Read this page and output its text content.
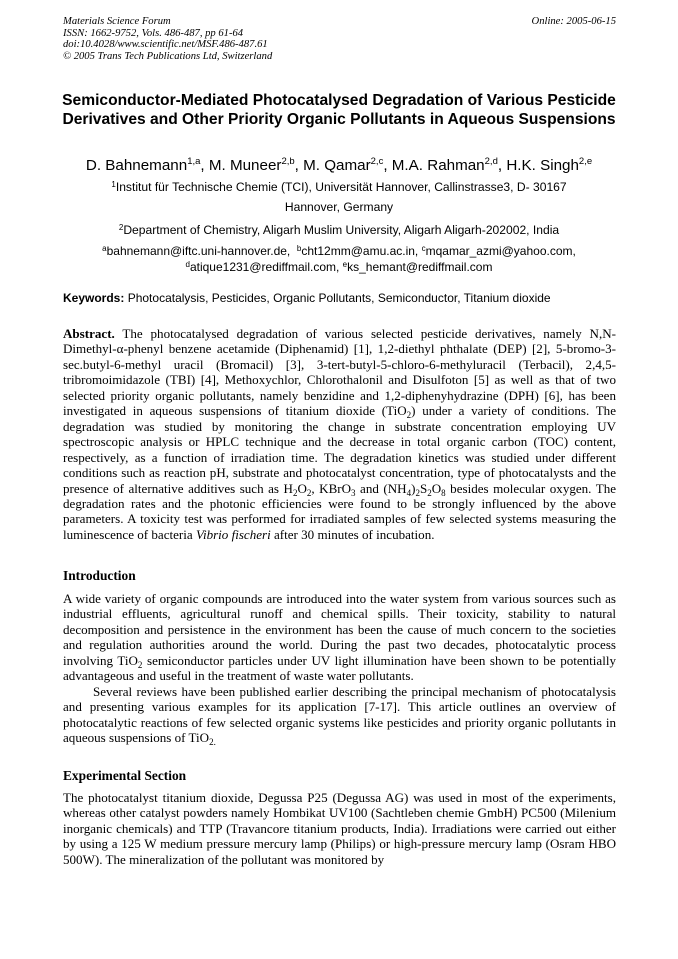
Materials Science Forum
ISSN: 1662-9752, Vols. 486-487, pp 61-64
doi:10.4028/www.scientific.net/MSF.486-487.61
© 2005 Trans Tech Publications Ltd, Switzerland
Online: 2005-06-15
Semiconductor-Mediated Photocatalysed Degradation of Various Pesticide Derivatives and Other Priority Organic Pollutants in Aqueous Suspensions
D. Bahnemann$^{1,a}$, M. Muneer$^{2,b}$, M. Qamar$^{2,c}$, M.A. Rahman$^{2,d}$, H.K. Singh$^{2,e}$
$^1$Institut für Technische Chemie (TCI), Universität Hannover, Callinstrasse3, D- 30167
Hannover, Germany
$^2$Department of Chemistry, Aligarh Muslim University, Aligarh Aligarh-202002, India
$^a$bahnemann@iftc.uni-hannover.de, $^b$cht12mm@amu.ac.in, $^c$mqamar_azmi@yahoo.com,
$^d$atique1231@rediffmail.com, $^e$ks_hemant@rediffmail.com
Keywords: Photocatalysis, Pesticides, Organic Pollutants, Semiconductor, Titanium dioxide

Abstract. The photocatalysed degradation of various selected pesticide derivatives, namely N,N-Dimethyl-α-phenyl benzene acetamide (Diphenamid) [1], 1,2-diethyl phthalate (DEP) [2], 5-bromo-3-sec.butyl-6-methyl uracil (Bromacil) [3], 3-tert-butyl-5-chloro-6-methyluracil (Terbacil), 2,4,5-tribromoimidazole (TBI) [4], Methoxychlor, Chlorothalonil and Disulfoton [5] as well as that of two selected priority organic pollutants, namely benzidine and 1,2-diphenyhydrazine (DPH) [6], has been investigated in aqueous suspensions of titanium dioxide (TiO$_2$) under a variety of conditions. The degradation was studied by monitoring the change in substrate concentration employing UV spectroscopic analysis or HPLC technique and the decrease in total organic carbon (TOC) content, respectively, as a function of irradiation time. The degradation kinetics was studied under different conditions such as reaction pH, substrate and photocatalyst concentration, type of photocatalysts and the presence of alternative additives such as $H_2O_2$, KBrO$_3$ and $(NH_4)_2S_2O_8$ besides molecular oxygen. The degradation rates and the photonic efficiencies were found to be strongly influenced by the above parameters. A toxicity test was performed for irradiated samples of few selected systems measuring the luminescence of bacteria Vibrio fischeri after 30 minutes of incubation.

Introduction

A wide variety of organic compounds are introduced into the water system from various sources such as industrial effluents, agricultural runoff and chemical spills. Their toxicity, stability to natural decomposition and persistence in the environment has been the cause of much concern to the societies and regulation authorities around the world. During the past two decades, photocatalytic process involving TiO$_2$ semiconductor particles under UV light illumination have been shown to be potentially advantageous and useful in the treatment of waste water pollutants.

Several reviews have been published earlier describing the principal mechanism of photocatalysis and presenting various examples for its application [7-17]. This article outlines an overview of photocatalytic reactions of few selected organic systems like pesticides and priority organic pollutants in aqueous suspensions of TiO$_{2.}$

Experimental Section

The photocatalyst titanium dioxide, Degussa P25 (Degussa AG) was used in most of the experiments, whereas other catalyst powders namely Hombikat UV100 (Sachtleben chemie GmbH) PC500 (Milenium inorganic chemicals) and TTP (Travancore titanium products, India). Irradiations were carried out either by using a 125 W medium pressure mercury lamp (Philips) or high-pressure mercury lamp (Osram HBO 500W). The mineralization of the pollutant was monitored by
